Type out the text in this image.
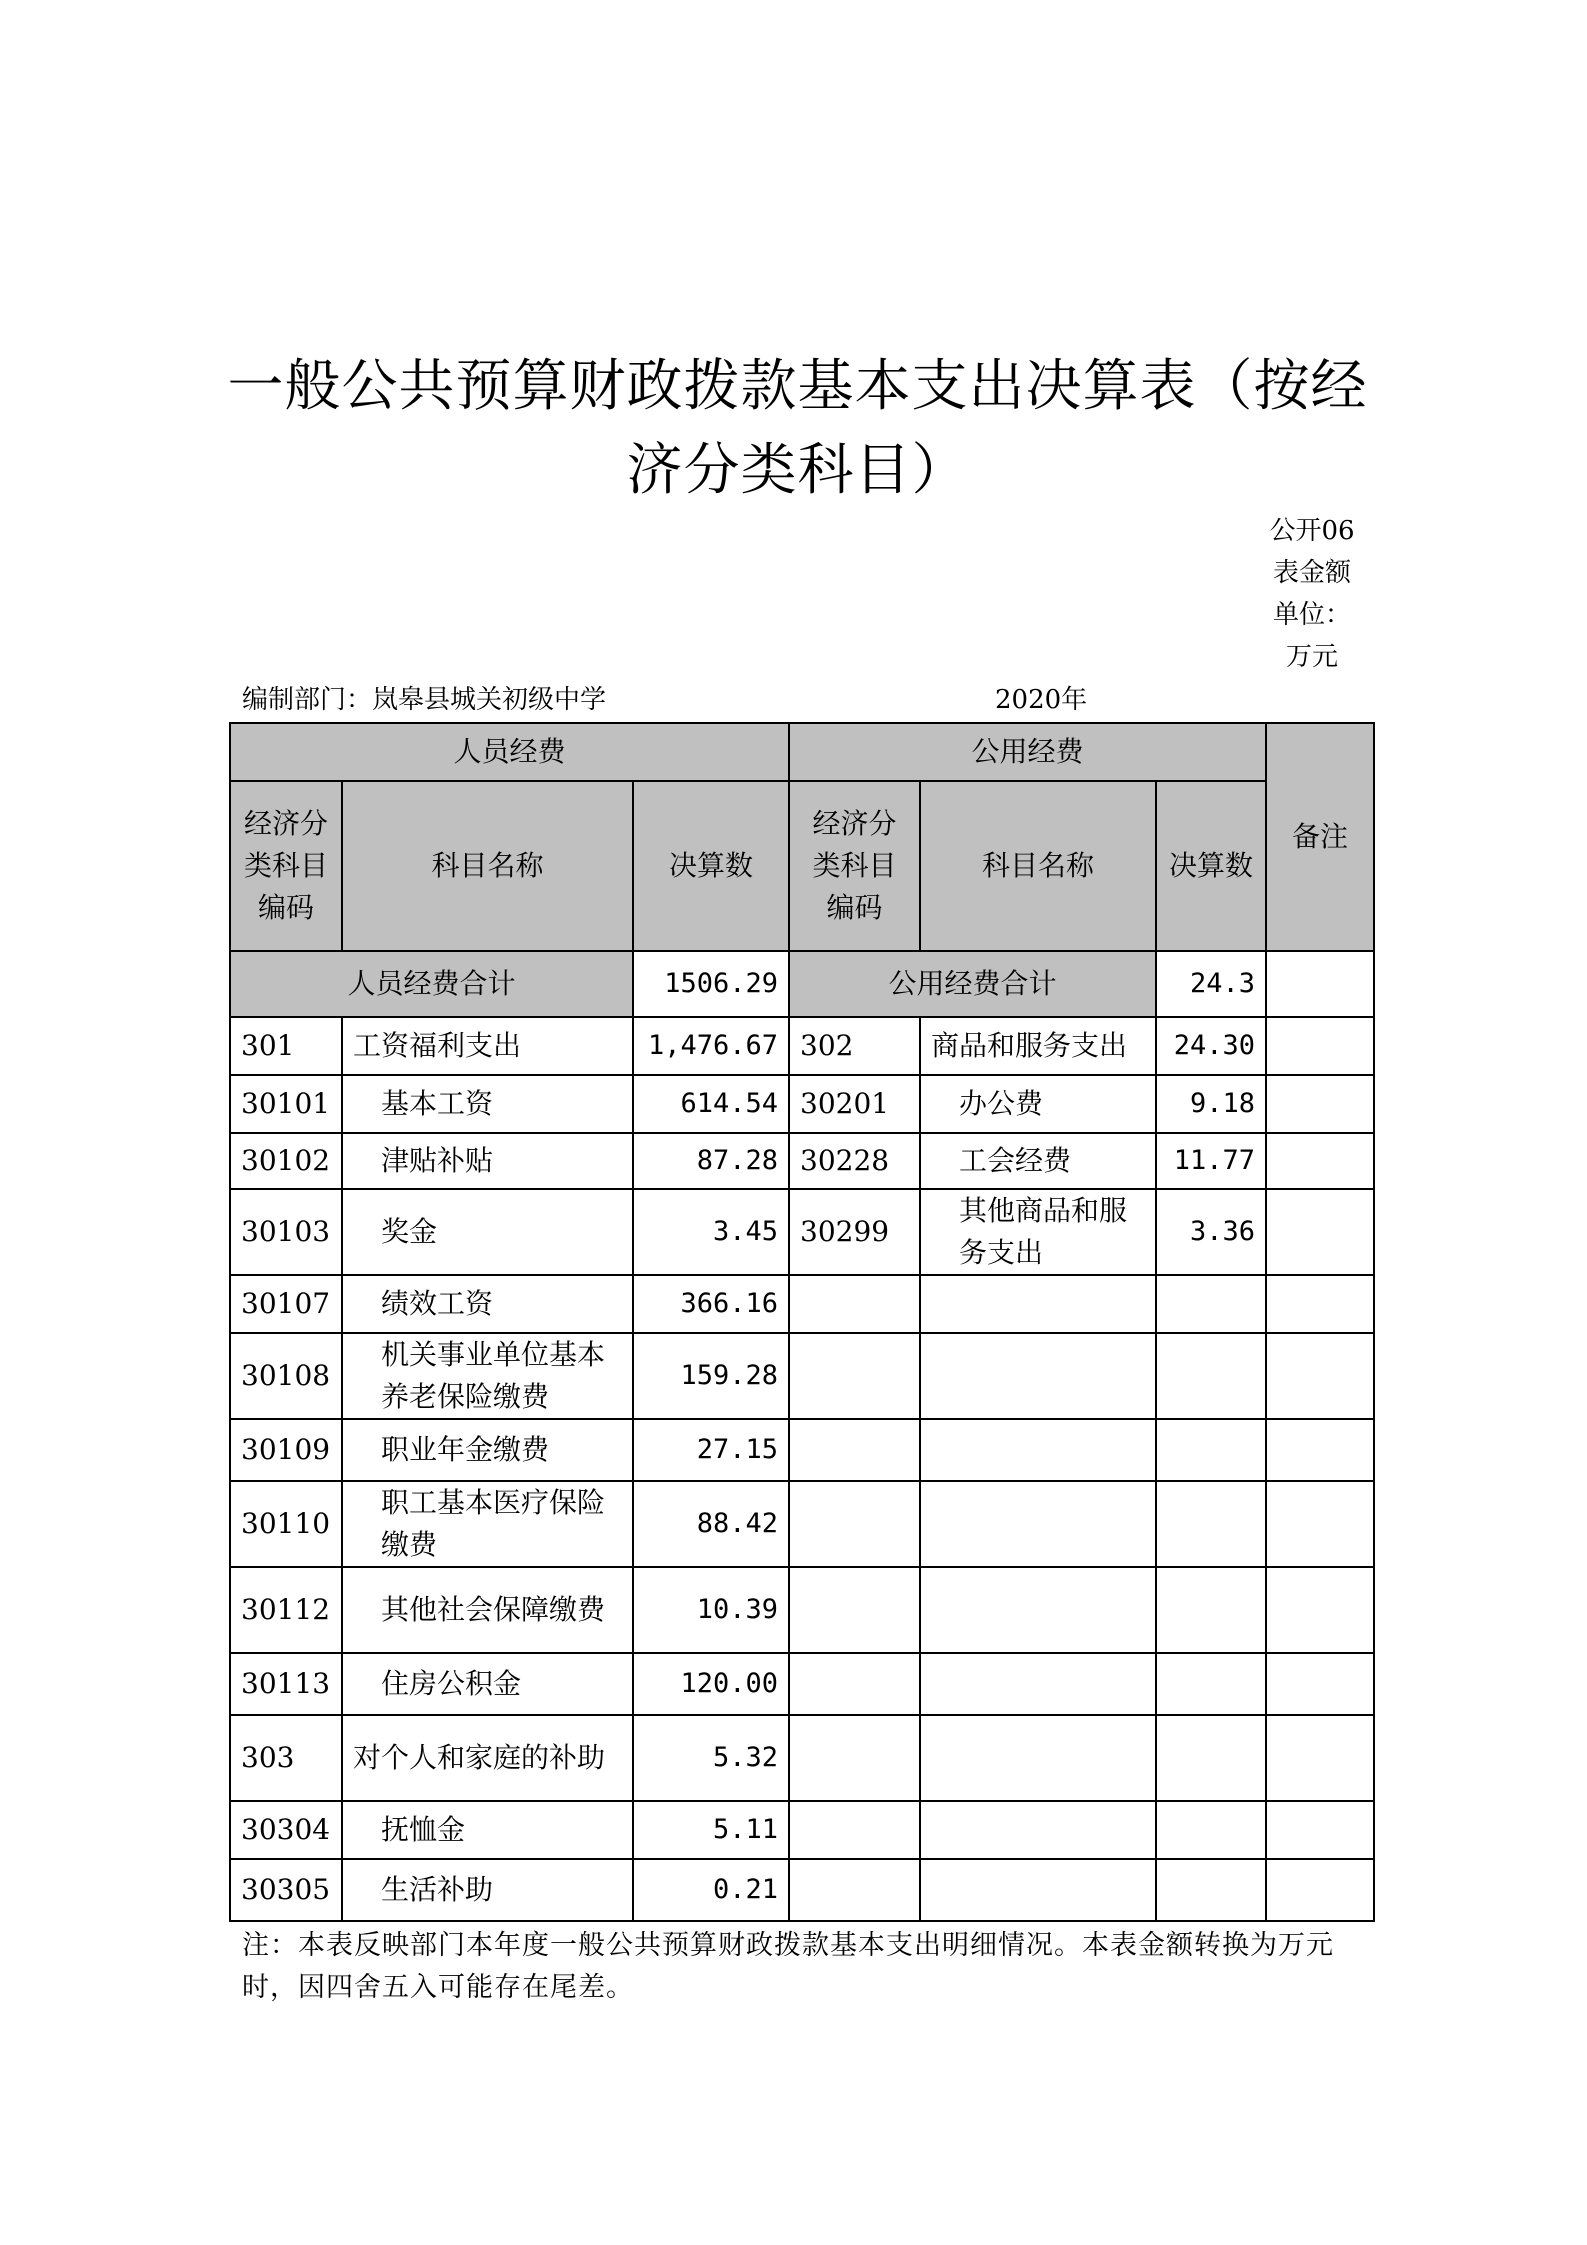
一般公共预算财政拨款基本支出决算表（按经济分类科目）
公开06表金额单位：万元
编制部门：岚皋县城关初级中学	2020年
人员经费			公用经费			备注
经济分类科目编码	科目名称	决算数	经济分类科目编码	科目名称	决算数	
人员经费合计		1506.29	公用经费合计		24.3	
301	工资福利支出	1,476.67	302	商品和服务支出	24.30	
30101	基本工资	614.54	30201	办公费	9.18	
30102	津贴补贴	87.28	30228	工会经费	11.77	
30103	奖金	3.45	30299	其他商品和服务支出	3.36	
30107	绩效工资	366.16				
30108	机关事业单位基本养老保险缴费	159.28				
30109	职业年金缴费	27.15				
30110	职工基本医疗保险缴费	88.42				
30112	其他社会保障缴费	10.39				
30113	住房公积金	120.00				
303	对个人和家庭的补助	5.32				
30304	抚恤金	5.11				
30305	生活补助	0.21				
注：本表反映部门本年度一般公共预算财政拨款基本支出明细情况。本表金额转换为万元时，因四舍五入可能存在尾差。
